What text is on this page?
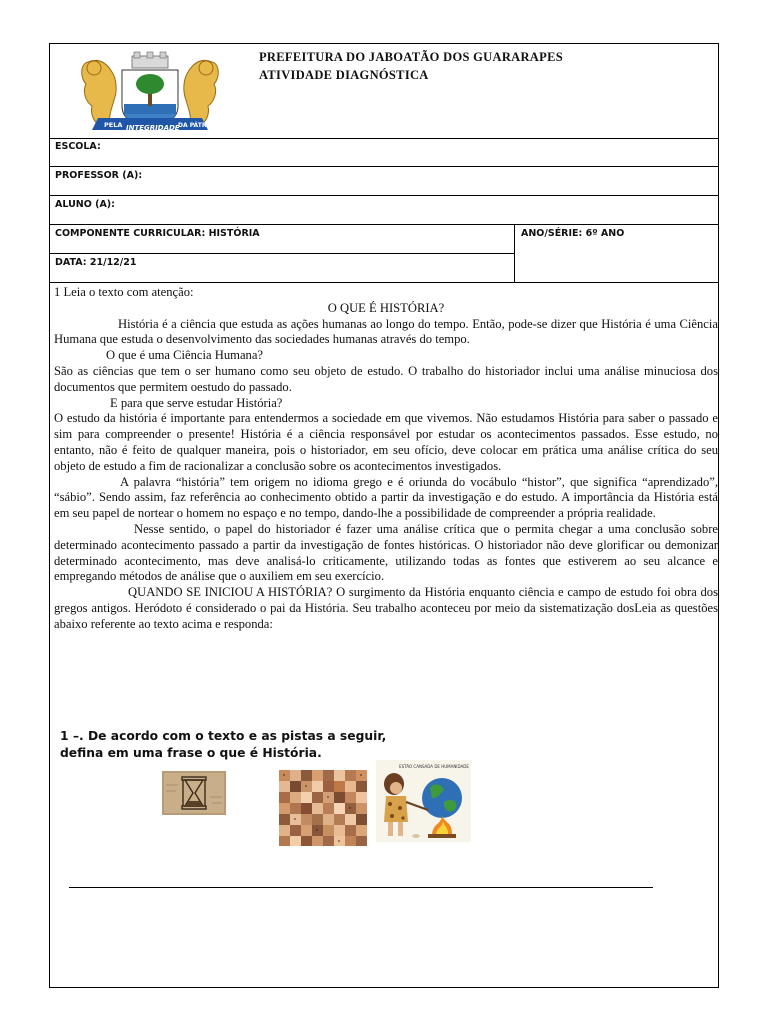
PELA INTEGRIDADE
DA PÁTRIA
PREFEITURA DO JABOATÃO DOS GUARARAPES
ATIVIDADE DIAGNÓSTICA
ESCOLA:
PROFESSOR (A):
ALUNO (A):
COMPONENTE CURRICULAR: HISTÓRIA
DATA: 21/12/21
ANO/SÉRIE: 6º ANO

1 Leia o texto com atenção:

O QUE É HISTÓRIA?

História é a ciência que estuda as ações humanas ao longo do tempo. Então, pode-se dizer que História é uma Ciência Humana que estuda o desenvolvimento das sociedades humanas através do tempo.

O que é uma Ciência Humana?

São as ciências que tem o ser humano como seu objeto de estudo. O trabalho do historiador inclui uma análise minuciosa dos documentos que permitem oestudo do passado.

E para que serve estudar História?

O estudo da história é importante para entendermos a sociedade em que vivemos. Não estudamos História para saber o passado e sim para compreender o presente! História é a ciência responsável por estudar os acontecimentos passados. Esse estudo, no entanto, não é feito de qualquer maneira, pois o historiador, em seu ofício, deve colocar em prática uma análise crítica do seu objeto de estudo a fim de racionalizar a conclusão sobre os acontecimentos investigados.

A palavra “história” tem origem no idioma grego e é oriunda do vocábulo “histor”, que significa “aprendizado”, “sábio”. Sendo assim, faz referência ao conhecimento obtido a partir da investigação e do estudo. A importância da História está em seu papel de nortear o homem no espaço e no tempo, dando-lhe a possibilidade de compreender a própria realidade.

Nesse sentido, o papel do historiador é fazer uma análise crítica que o permita chegar a uma conclusão sobre determinado acontecimento passado a partir da investigação de fontes históricas. O historiador não deve glorificar ou demonizar determinado acontecimento, mas deve analisá-lo criticamente, utilizando todas as fontes que estiverem ao seu alcance e empregando métodos de análise que o auxiliem em seu exercício.

QUANDO SE INICIOU A HISTÓRIA? O surgimento da História enquanto ciência e campo de estudo foi obra dos gregos antigos. Heródoto é considerado o pai da História. Seu trabalho aconteceu por meio da sistematização dosLeia as questões abaixo referente ao texto acima e responda:

1 –. De acordo com o texto e as pistas a seguir, defina em uma frase o que é História.
ESTÃO CANSADA DE HUMANIDADE
